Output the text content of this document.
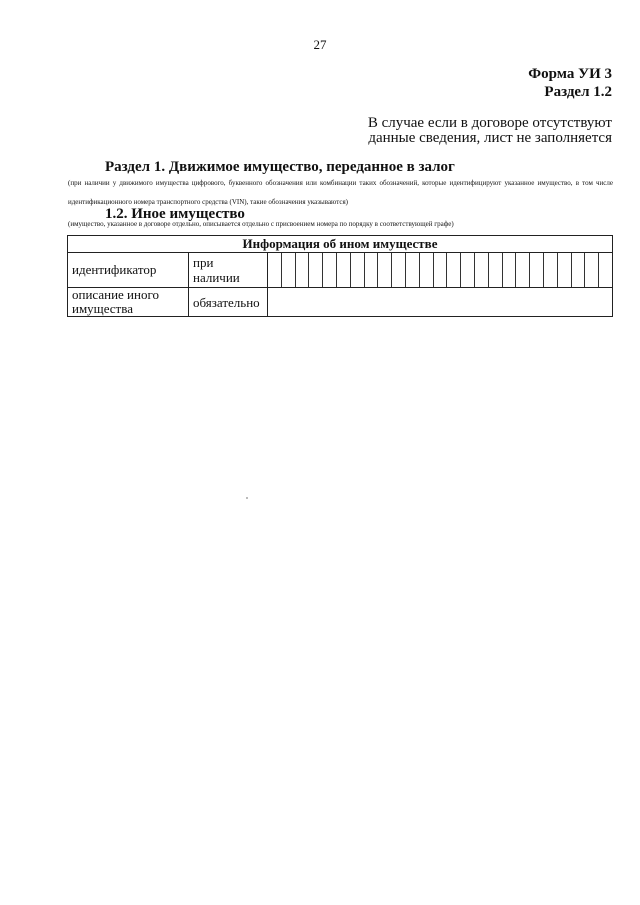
27
Форма УИ 3
Раздел 1.2
В случае если в договоре отсутствуют
данные сведения, лист не заполняется
Раздел 1. Движимое имущество, переданное в залог
(при наличии у движимого имущества цифрового, буквенного обозначения или комбинации таких обозначений, которые идентифицируют указанное имущество, в том числе идентификационного номера транспортного средства (VIN), такие обозначения указываются)
1.2. Иное имущество
(имущество, указанное в договоре отдельно, описывается отдельно с присвоением номера по порядку в соответствующей графе)
Информация об ином имуществе		
идентификатор	при наличии	

описание иного имущества	обязательно	
